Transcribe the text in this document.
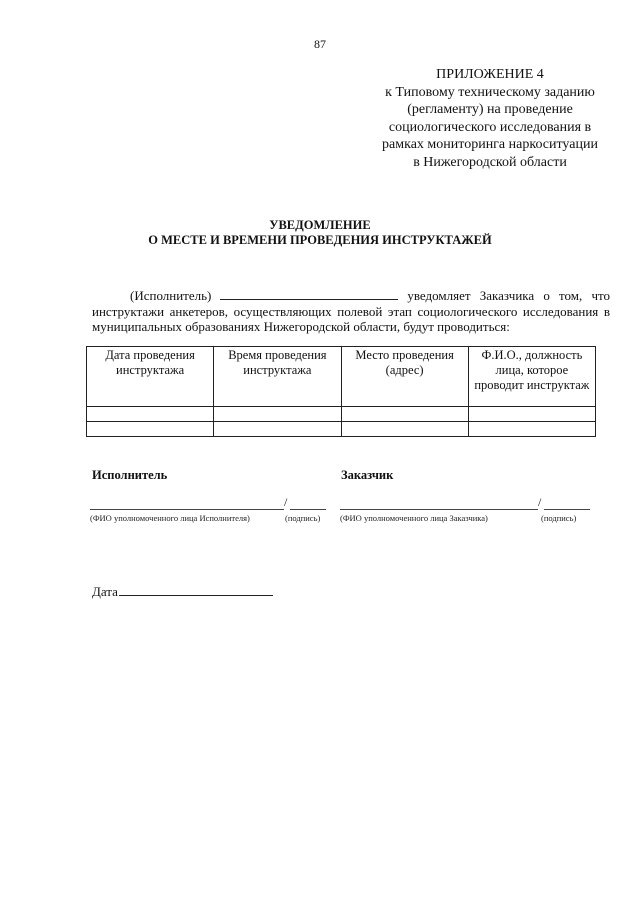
87
ПРИЛОЖЕНИЕ 4
к Типовому техническому заданию
(регламенту) на проведение
социологического исследования в
рамках мониторинга наркоситуации
в Нижегородской области
УВЕДОМЛЕНИЕ
О МЕСТЕ И ВРЕМЕНИ ПРОВЕДЕНИЯ ИНСТРУКТАЖЕЙ
(Исполнитель)	уведомляет Заказчика о том, что
инструктажи анкетеров, осуществляющих полевой этап социологического исследования в
муниципальных образованиях Нижегородской области, будут проводиться:
Дата проведения инструктажа	Время проведения инструктажа	Место проведения (адрес)	Ф.И.О., должность лица, которое проводит инструктаж

Исполнитель
/
(ФИО уполномоченного лица Исполнителя)	(подпись)
Заказчик
/
(ФИО уполномоченного лица Заказчика)	(подпись)
Дата
